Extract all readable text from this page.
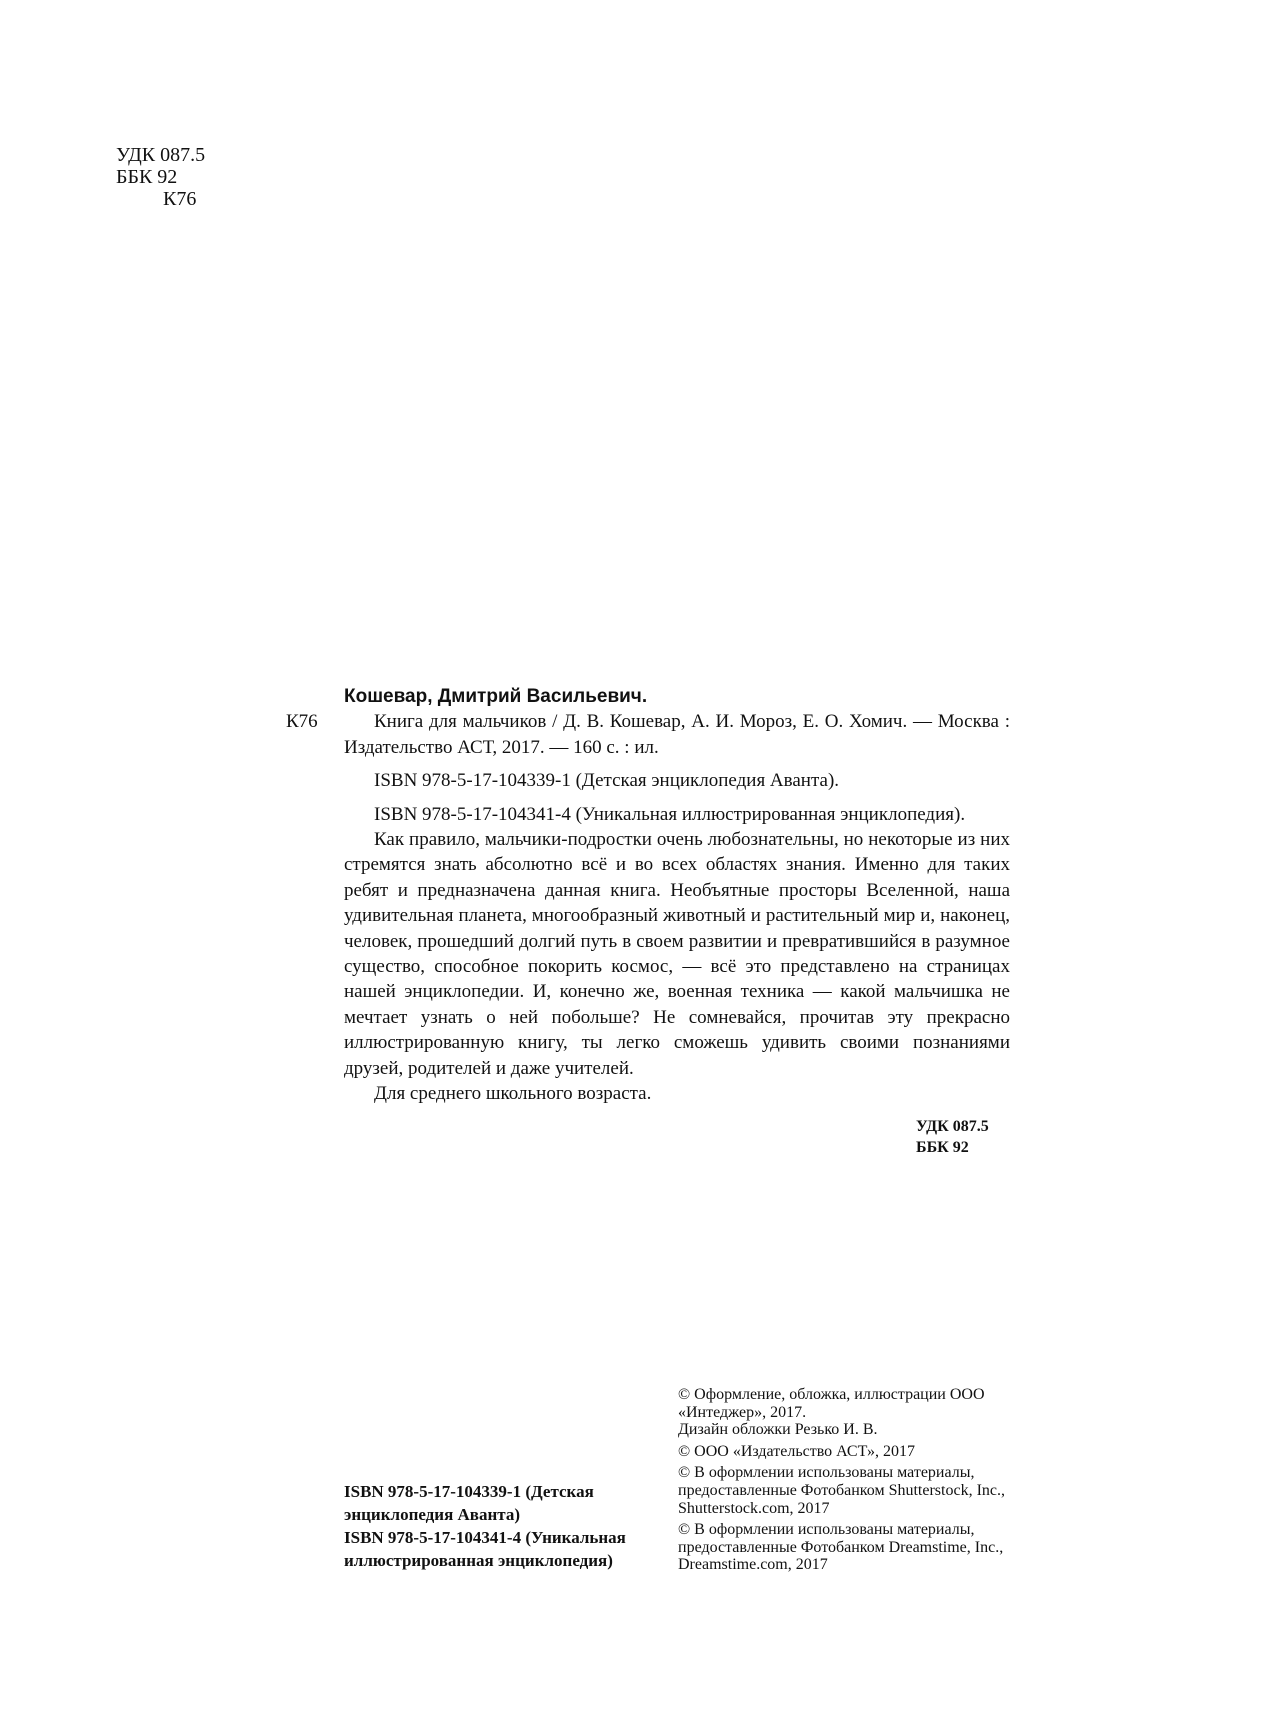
УДК 087.5
ББК 92
К76
К76

Кошевар, Дмитрий Васильевич.

Книга для мальчиков / Д. В. Кошевар, А. И. Мороз, Е. О. Хомич. — Москва : Издательство АСТ, 2017. — 160 с. : ил.

ISBN 978-5-17-104339-1 (Детская энциклопедия Аванта).

ISBN 978-5-17-104341-4 (Уникальная иллюстрированная энциклопедия).

Как правило, мальчики-подростки очень любознательны, но некоторые из них стремятся знать абсолютно всё и во всех областях знания. Именно для таких ребят и предназначена данная книга. Необъятные просторы Вселенной, наша удивительная планета, многообразный животный и растительный мир и, наконец, человек, прошедший долгий путь в своем развитии и превратившийся в разумное существо, способное покорить космос, — всё это представлено на страницах нашей энциклопедии. И, конечно же, военная техника — какой мальчишка не мечтает узнать о ней побольше? Не сомневайся, прочитав эту прекрасно иллюстрированную книгу, ты легко сможешь удивить своими познаниями друзей, родителей и даже учителей.

Для среднего школьного возраста.

УДК 087.5
ББК 92

© Оформление, обложка, иллюстрации ООО «Интеджер», 2017.
Дизайн обложки Резько И. В.

© ООО «Издательство АСТ», 2017

© В оформлении использованы материалы, предоставленные Фотобанком Shutterstock, Inc., Shutterstock.com, 2017

© В оформлении использованы материалы, предоставленные Фотобанком Dreamstime, Inc., Dreamstime.com, 2017

ISBN 978-5-17-104339-1 (Детская энциклопедия Аванта)

ISBN 978-5-17-104341-4 (Уникальная иллюстрированная энциклопедия)
